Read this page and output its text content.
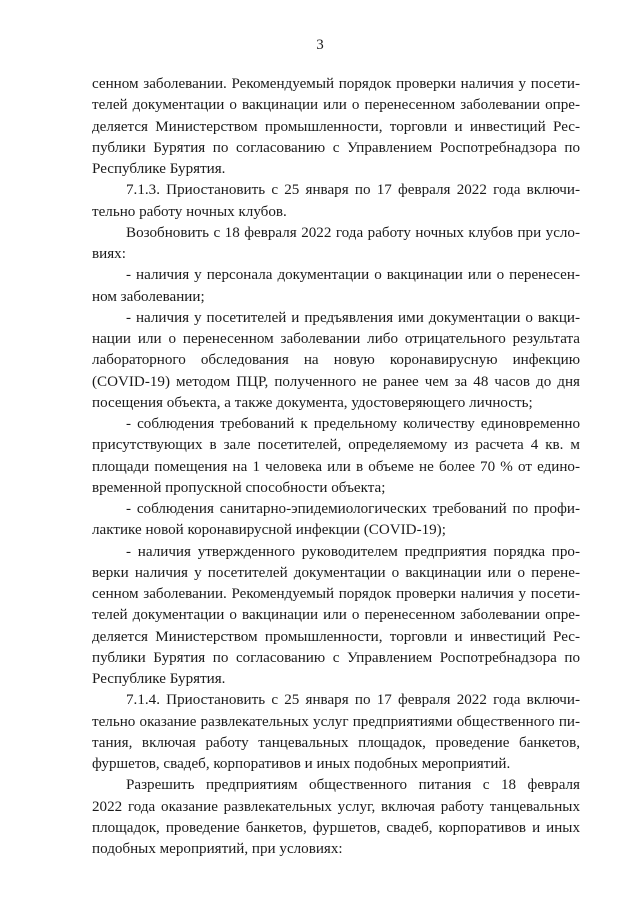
3
сенном заболевании. Рекомендуемый порядок проверки наличия у посети-
телей документации о вакцинации или о перенесенном заболевании опре-
деляется Министерством промышленности, торговли и инвестиций Рес-
публики Бурятия по согласованию с Управлением Роспотребнадзора по
Республике Бурятия.
7.1.3. Приостановить с 25 января по 17 февраля 2022 года включи-
тельно работу ночных клубов.
Возобновить с 18 февраля 2022 года работу ночных клубов при усло-
виях:
- наличия у персонала документации о вакцинации или о перенесен-
ном заболевании;
- наличия у посетителей и предъявления ими документации о вакци-
нации или о перенесенном заболевании либо отрицательного результата
лабораторного обследования на новую коронавирусную инфекцию
(COVID-19) методом ПЦР, полученного не ранее чем за 48 часов до дня
посещения объекта, а также документа, удостоверяющего личность;
- соблюдения требований к предельному количеству единовременно
присутствующих в зале посетителей, определяемому из расчета 4 кв. м
площади помещения на 1 человека или в объеме не более 70 % от едино-
временной пропускной способности объекта;
- соблюдения санитарно-эпидемиологических требований по профи-
лактике новой коронавирусной инфекции (COVID-19);
- наличия утвержденного руководителем предприятия порядка про-
верки наличия у посетителей документации о вакцинации или о перене-
сенном заболевании. Рекомендуемый порядок проверки наличия у посети-
телей документации о вакцинации или о перенесенном заболевании опре-
деляется Министерством промышленности, торговли и инвестиций Рес-
публики Бурятия по согласованию с Управлением Роспотребнадзора по
Республике Бурятия.
7.1.4. Приостановить с 25 января по 17 февраля 2022 года включи-
тельно оказание развлекательных услуг предприятиями общественного пи-
тания, включая работу танцевальных площадок, проведение банкетов,
фуршетов, свадеб, корпоративов и иных подобных мероприятий.
Разрешить предприятиям общественного питания с 18 февраля
2022 года оказание развлекательных услуг, включая работу танцевальных
площадок, проведение банкетов, фуршетов, свадеб, корпоративов и иных
подобных мероприятий, при условиях:
